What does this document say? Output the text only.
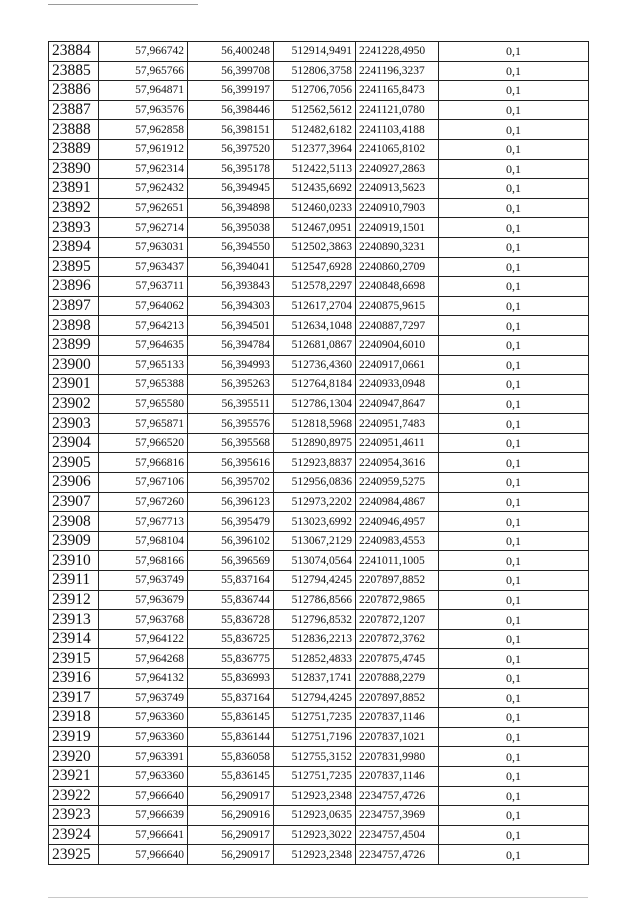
23884	57,966742	56,400248	512914,9491	2241228,4950	0,1
23885	57,965766	56,399708	512806,3758	2241196,3237	0,1
23886	57,964871	56,399197	512706,7056	2241165,8473	0,1
23887	57,963576	56,398446	512562,5612	2241121,0780	0,1
23888	57,962858	56,398151	512482,6182	2241103,4188	0,1
23889	57,961912	56,397520	512377,3964	2241065,8102	0,1
23890	57,962314	56,395178	512422,5113	2240927,2863	0,1
23891	57,962432	56,394945	512435,6692	2240913,5623	0,1
23892	57,962651	56,394898	512460,0233	2240910,7903	0,1
23893	57,962714	56,395038	512467,0951	2240919,1501	0,1
23894	57,963031	56,394550	512502,3863	2240890,3231	0,1
23895	57,963437	56,394041	512547,6928	2240860,2709	0,1
23896	57,963711	56,393843	512578,2297	2240848,6698	0,1
23897	57,964062	56,394303	512617,2704	2240875,9615	0,1
23898	57,964213	56,394501	512634,1048	2240887,7297	0,1
23899	57,964635	56,394784	512681,0867	2240904,6010	0,1
23900	57,965133	56,394993	512736,4360	2240917,0661	0,1
23901	57,965388	56,395263	512764,8184	2240933,0948	0,1
23902	57,965580	56,395511	512786,1304	2240947,8647	0,1
23903	57,965871	56,395576	512818,5968	2240951,7483	0,1
23904	57,966520	56,395568	512890,8975	2240951,4611	0,1
23905	57,966816	56,395616	512923,8837	2240954,3616	0,1
23906	57,967106	56,395702	512956,0836	2240959,5275	0,1
23907	57,967260	56,396123	512973,2202	2240984,4867	0,1
23908	57,967713	56,395479	513023,6992	2240946,4957	0,1
23909	57,968104	56,396102	513067,2129	2240983,4553	0,1
23910	57,968166	56,396569	513074,0564	2241011,1005	0,1
23911	57,963749	55,837164	512794,4245	2207897,8852	0,1
23912	57,963679	55,836744	512786,8566	2207872,9865	0,1
23913	57,963768	55,836728	512796,8532	2207872,1207	0,1
23914	57,964122	55,836725	512836,2213	2207872,3762	0,1
23915	57,964268	55,836775	512852,4833	2207875,4745	0,1
23916	57,964132	55,836993	512837,1741	2207888,2279	0,1
23917	57,963749	55,837164	512794,4245	2207897,8852	0,1
23918	57,963360	55,836145	512751,7235	2207837,1146	0,1
23919	57,963360	55,836144	512751,7196	2207837,1021	0,1
23920	57,963391	55,836058	512755,3152	2207831,9980	0,1
23921	57,963360	55,836145	512751,7235	2207837,1146	0,1
23922	57,966640	56,290917	512923,2348	2234757,4726	0,1
23923	57,966639	56,290916	512923,0635	2234757,3969	0,1
23924	57,966641	56,290917	512923,3022	2234757,4504	0,1
23925	57,966640	56,290917	512923,2348	2234757,4726	0,1
